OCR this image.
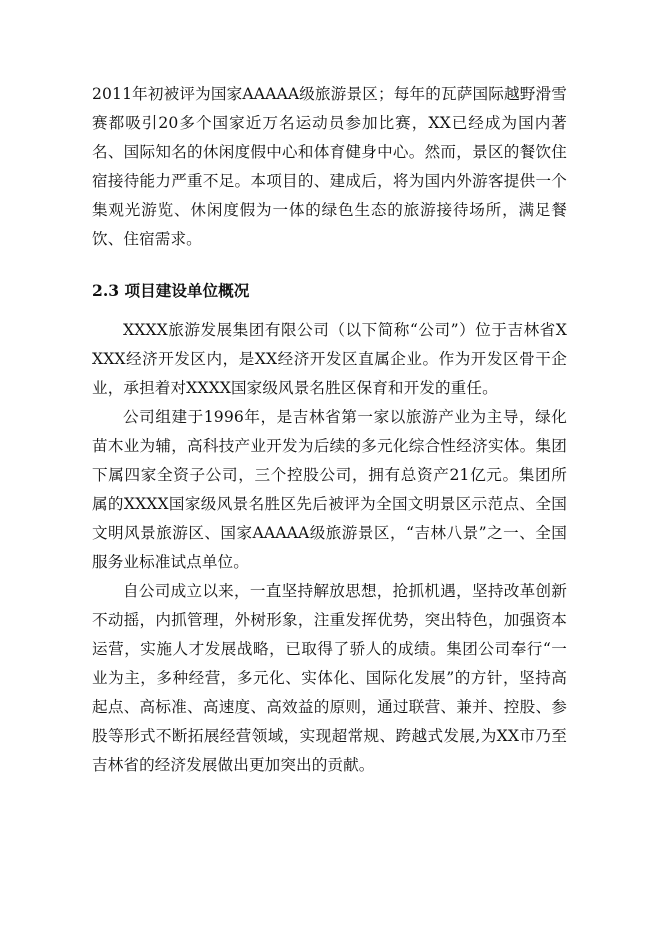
2011年初被评为国家AAAAA级旅游景区；每年的瓦萨国际越野滑雪赛都吸引20多个国家近万名运动员参加比赛，XX已经成为国内著名、国际知名的休闲度假中心和体育健身中心。然而，景区的餐饮住宿接待能力严重不足。本项目的、建成后，将为国内外游客提供一个集观光游览、休闲度假为一体的绿色生态的旅游接待场所，满足餐饮、住宿需求。

2.3 项目建设单位概况

XXXX旅游发展集团有限公司（以下简称“公司”）位于吉林省XXXX经济开发区内，是XX经济开发区直属企业。作为开发区骨干企业，承担着对XXXX国家级风景名胜区保育和开发的重任。

公司组建于1996年，是吉林省第一家以旅游产业为主导，绿化苗木业为辅，高科技产业开发为后续的多元化综合性经济实体。集团下属四家全资子公司，三个控股公司，拥有总资产21亿元。集团所属的XXXX国家级风景名胜区先后被评为全国文明景区示范点、全国文明风景旅游区、国家AAAAA级旅游景区，“吉林八景”之一、全国服务业标准试点单位。

自公司成立以来，一直坚持解放思想，抢抓机遇，坚持改革创新不动摇，内抓管理，外树形象，注重发挥优势，突出特色，加强资本运营，实施人才发展战略，已取得了骄人的成绩。集团公司奉行“一业为主，多种经营，多元化、实体化、国际化发展”的方针，坚持高起点、高标准、高速度、高效益的原则，通过联营、兼并、控股、参股等形式不断拓展经营领域，实现超常规、跨越式发展,为XX市乃至吉林省的经济发展做出更加突出的贡献。
